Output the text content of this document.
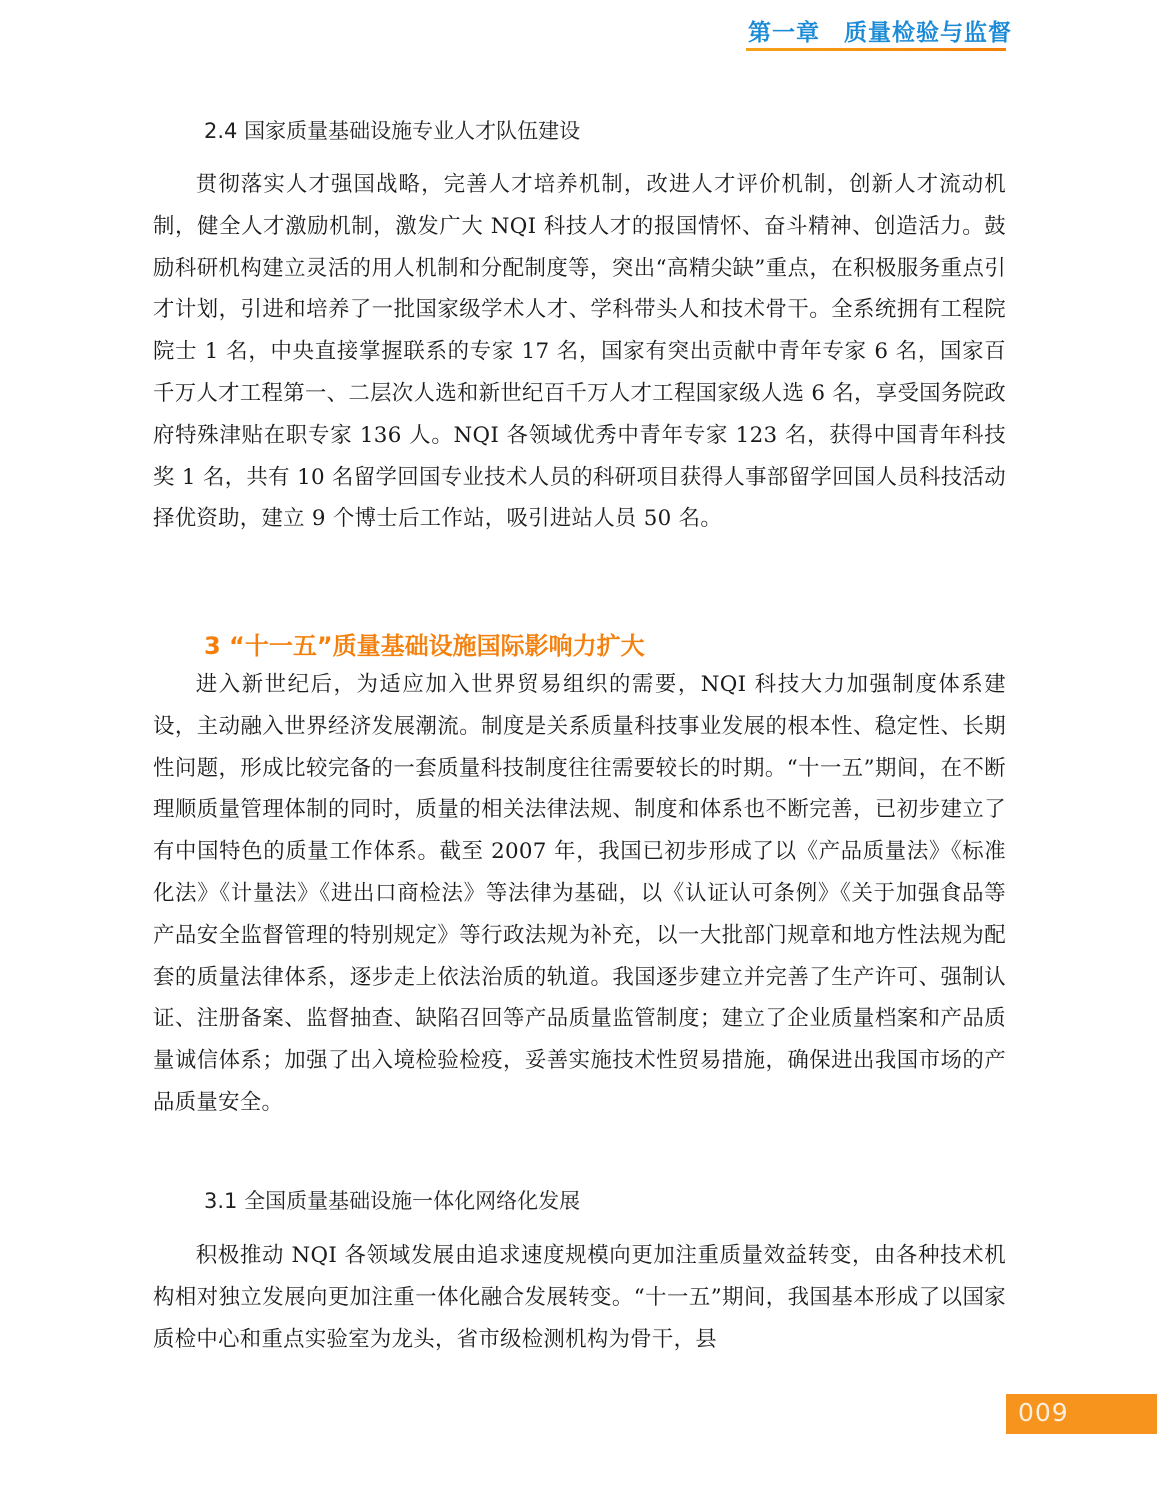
第一章　质量检验与监督
2.4 国家质量基础设施专业人才队伍建设

贯彻落实人才强国战略，完善人才培养机制，改进人才评价机制，创新人才流动机制，健全人才激励机制，激发广大 NQI 科技人才的报国情怀、奋斗精神、创造活力。鼓励科研机构建立灵活的用人机制和分配制度等，突出“高精尖缺”重点，在积极服务重点引才计划，引进和培养了一批国家级学术人才、学科带头人和技术骨干。全系统拥有工程院院士 1 名，中央直接掌握联系的专家 17 名，国家有突出贡献中青年专家 6 名，国家百千万人才工程第一、二层次人选和新世纪百千万人才工程国家级人选 6 名，享受国务院政府特殊津贴在职专家 136 人。NQI 各领域优秀中青年专家 123 名，获得中国青年科技奖 1 名，共有 10 名留学回国专业技术人员的科研项目获得人事部留学回国人员科技活动择优资助，建立 9 个博士后工作站，吸引进站人员 50 名。

3 “十一五”质量基础设施国际影响力扩大

进入新世纪后，为适应加入世界贸易组织的需要，NQI 科技大力加强制度体系建设，主动融入世界经济发展潮流。制度是关系质量科技事业发展的根本性、稳定性、长期性问题，形成比较完备的一套质量科技制度往往需要较长的时期。“十一五”期间，在不断理顺质量管理体制的同时，质量的相关法律法规、制度和体系也不断完善，已初步建立了有中国特色的质量工作体系。截至 2007 年，我国已初步形成了以《产品质量法》《标准化法》《计量法》《进出口商检法》等法律为基础，以《认证认可条例》《关于加强食品等产品安全监督管理的特别规定》等行政法规为补充，以一大批部门规章和地方性法规为配套的质量法律体系，逐步走上依法治质的轨道。我国逐步建立并完善了生产许可、强制认证、注册备案、监督抽查、缺陷召回等产品质量监管制度；建立了企业质量档案和产品质量诚信体系；加强了出入境检验检疫，妥善实施技术性贸易措施，确保进出我国市场的产品质量安全。

3.1 全国质量基础设施一体化网络化发展

积极推动 NQI 各领域发展由追求速度规模向更加注重质量效益转变，由各种技术机构相对独立发展向更加注重一体化融合发展转变。“十一五”期间，我国基本形成了以国家质检中心和重点实验室为龙头，省市级检测机构为骨干，县

009
